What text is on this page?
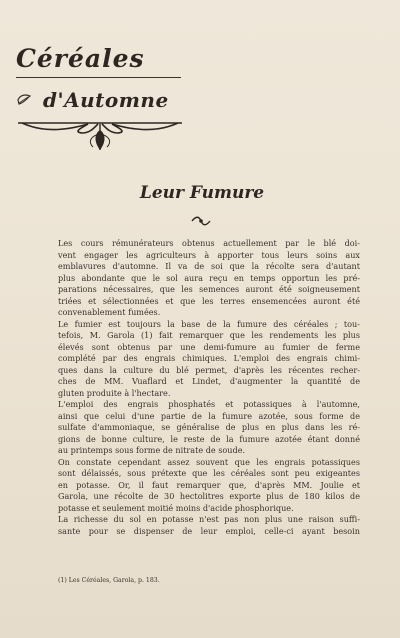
Céréales
d'Automne
Leur Fumure
Les cours rémunérateurs obtenus actuellement par le blé doi-
vent engager les agriculteurs à apporter tous leurs soins aux
emblavures d'automne. Il va de soi que la récolte sera d'autant
plus abondante que le sol aura reçu en temps opportun les pré-
parations nécessaires, que les semences auront été soigneusement
triées et sélectionnées et que les terres ensemencées auront été
convenablement fumées.
Le fumier est toujours la base de la fumure des céréales ; tou-
tefois, M. Garola (1) fait remarquer que les rendements les plus
élevés sont obtenus par une demi-fumure au fumier de ferme
complété par des engrais chimiques. L'emploi des engrais chimi-
ques dans la culture du blé permet, d'après les récentes recher-
ches de MM. Vuaflard et Lindet, d'augmenter la quantité de
gluten produite à l'hectare.
L'emploi des engrais phosphatés et potassiques à l'automne,
ainsi que celui d'une partie de la fumure azotée, sous forme de
sulfate d'ammoniaque, se généralise de plus en plus dans les ré-
gions de bonne culture, le reste de la fumure azotée étant donné
au printemps sous forme de nitrate de soude.
On constate cependant assez souvent que les engrais potassiques
sont délaissés, sous prétexte que les céréales sont peu exigeantes
en potasse. Or, il faut remarquer que, d'après MM. Joulie et
Garola, une récolte de 30 hectolitres exporte plus de 180 kilos de
potasse et seulement moitié moins d'acide phosphorique.
La richesse du sol en potasse n'est pas non plus une raison suffi-
sante pour se dispenser de leur emploi, celle-ci ayant besoin
(1) Les Céréales, Garola, p. 183.
